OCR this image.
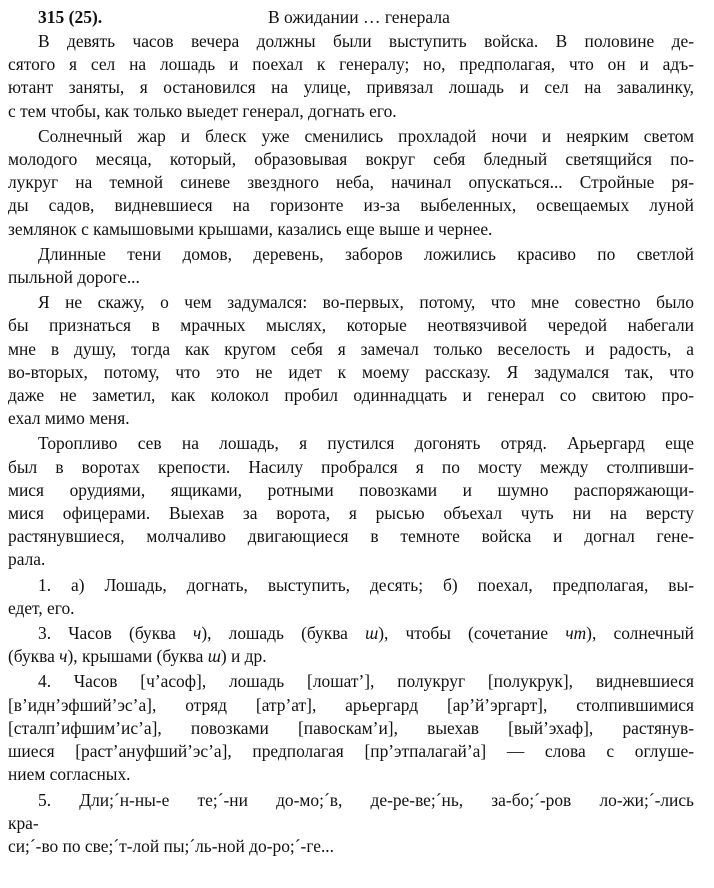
315 (25).	В ожидании … генерала
В девять часов вечера должны были выступить войска. В половине де-
сятого я сел на лошадь и поехал к генералу; но, предполагая, что он и адъ-
ютант заняты, я остановился на улице, привязал лошадь и сел на завалинку,
с тем чтобы, как только выедет генерал, догнать его.
Солнечный жар и блеск уже сменились прохладой ночи и неярким светом
молодого месяца, который, образовывая вокруг себя бледный светящийся по-
лукруг на темной синеве звездного неба, начинал опускаться... Стройные ря-
ды садов, видневшиеся на горизонте из-за выбеленных, освещаемых луной
землянок с камышовыми крышами, казались еще выше и чернее.
Длинные тени домов, деревень, заборов ложились красиво по светлой
пыльной дороге...
Я не скажу, о чем задумался: во-первых, потому, что мне совестно было
бы признаться в мрачных мыслях, которые неотвязчивой чередой набегали
мне в душу, тогда как кругом себя я замечал только веселость и радость, а
во-вторых, потому, что это не идет к моему рассказу. Я задумался так, что
даже не заметил, как колокол пробил одиннадцать и генерал со свитою про-
ехал мимо меня.
Торопливо сев на лошадь, я пустился догонять отряд. Арьергард еще
был в воротах крепости. Насилу пробрался я по мосту между столпивши-
мися орудиями, ящиками, ротными повозками и шумно распоряжающи-
мися офицерами. Выехав за ворота, я рысью объехал чуть ни на версту
растянувшиеся, молчаливо двигающиеся в темноте войска и догнал гене-
рала.
1. а) Лошадь, догнать, выступить, десять; б) поехал, предполагая, вы-
едет, его.
3. Часов (буква ч), лошадь (буква ш), чтобы (сочетание чт), солнечный
(буква ч), крышами (буква ш) и др.
4. Часов [ч’асоф], лошадь [лошат’], полукруг [полукрук], видневшиеся
[в’идн’эфший’эс’а], отряд [атр’ат], арьергард [ар’й’эргарт], столпившимися
[сталп’ифшим’ис’а], повозками [павоскам’и], выехав [вый’эхаф], растянув-
шиеся [раст’ануфший’эс’а], предполагая [пр’этпалагай’а] — слова с оглуше-
нием согласных.
5. Дли;´н-ны-е те;´-ни до-мо;´в, де-ре-ве;´нь, за-бо;´-ров ло-жи;´-лись
кра-
си;´-во по све;´т-лой пы;´ль-ной до-ро;´-ге...
